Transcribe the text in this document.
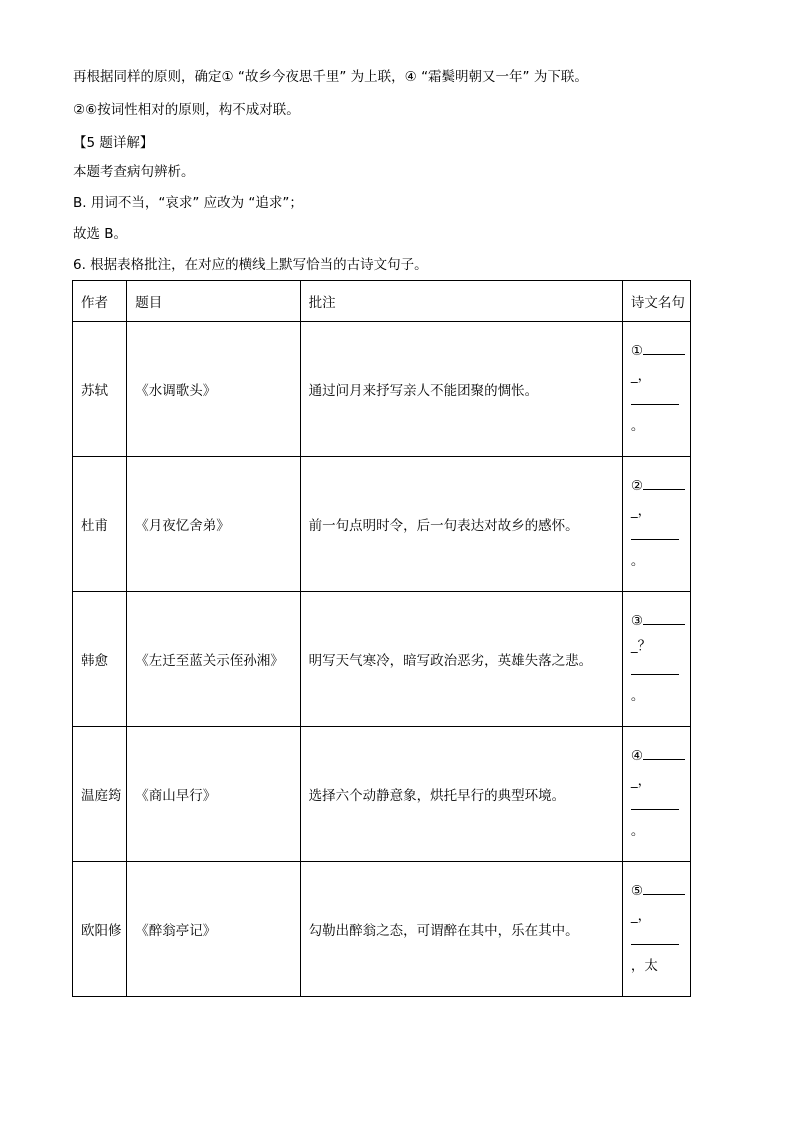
再根据同样的原则，确定① “故乡今夜思千里” 为上联，④ “霜鬓明朝又一年” 为下联。
②⑥按词性相对的原则，构不成对联。
【5 题详解】
本题考查病句辨析。
B. 用词不当，“哀求” 应改为 “追求”；
故选 B。
6. 根据表格批注，在对应的横线上默写恰当的古诗文句子。
作者	题目	批注	诗文名句
苏轼	《水调歌头》	通过问月来抒写亲人不能团聚的惆怅。	①
_，
。

杜甫	《月夜忆舍弟》	前一句点明时令，后一句表达对故乡的感怀。	②
_，
。

韩愈	《左迁至蓝关示侄孙湘》	明写天气寒冷，暗写政治恶劣，英雄失落之悲。	③
_？
。

温庭筠	《商山早行》	选择六个动静意象，烘托早行的典型环境。	④
_，
。

欧阳修	《醉翁亭记》	勾勒出醉翁之态，可谓醉在其中，乐在其中。	⑤
_，
，太
